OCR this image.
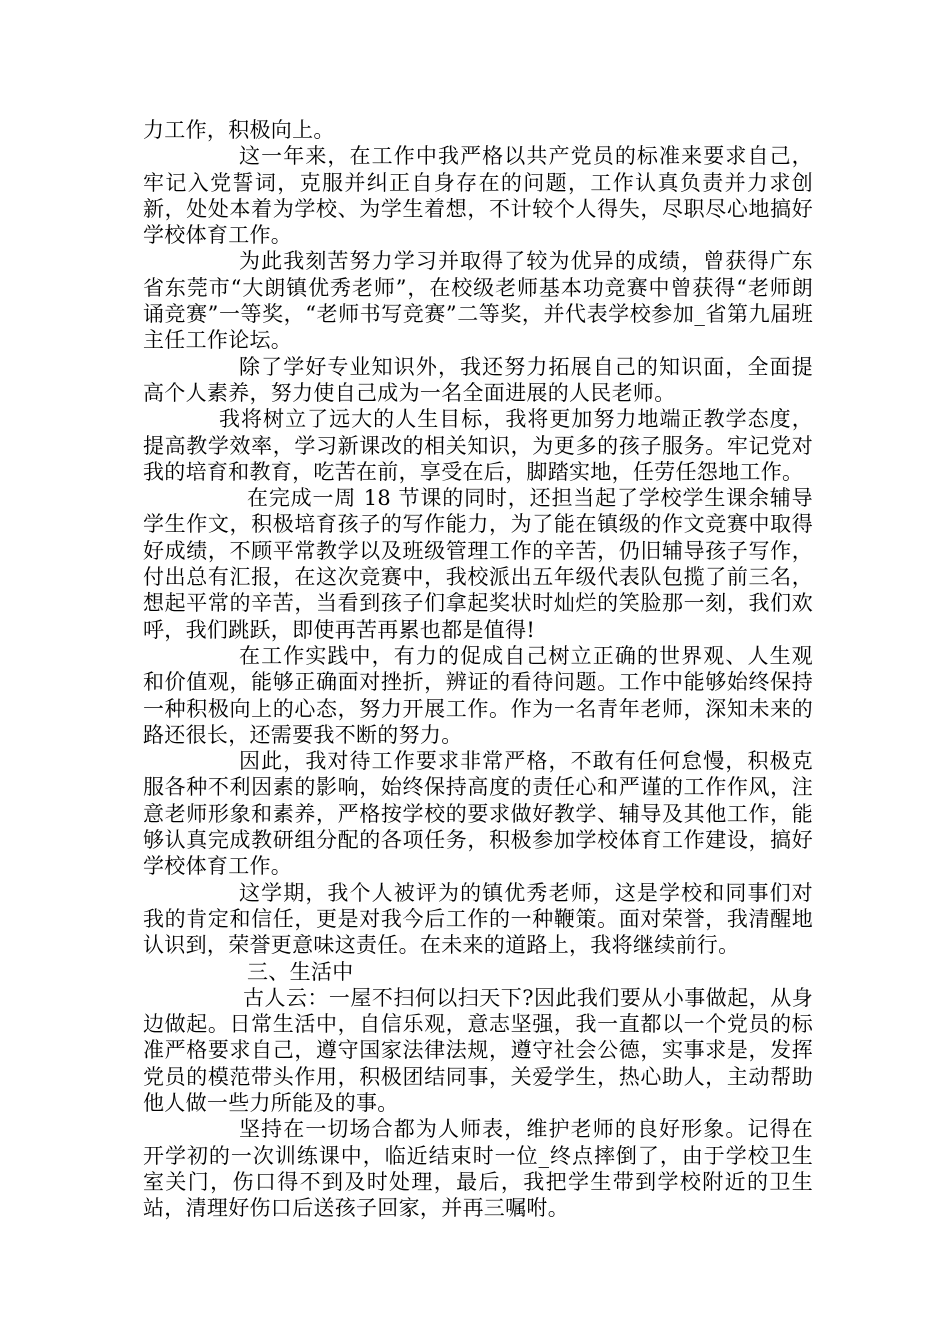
力工作，积极向上。

这一年来，在工作中我严格以共产党员的标准来要求自己，牢记入党誓词，克服并纠正自身存在的问题，工作认真负责并力求创新，处处本着为学校、为学生着想，不计较个人得失，尽职尽心地搞好学校体育工作。

为此我刻苦努力学习并取得了较为优异的成绩，曾获得广东省东莞市“大朗镇优秀老师”，在校级老师基本功竞赛中曾获得“老师朗诵竞赛”一等奖，“老师书写竞赛”二等奖，并代表学校参加_省第九届班主任工作论坛。

除了学好专业知识外，我还努力拓展自己的知识面，全面提高个人素养，努力使自己成为一名全面进展的人民老师。

我将树立了远大的人生目标，我将更加努力地端正教学态度，提高教学效率，学习新课改的相关知识，为更多的孩子服务。牢记党对我的培育和教育，吃苦在前，享受在后，脚踏实地，任劳任怨地工作。

在完成一周 18 节课的同时，还担当起了学校学生课余辅导学生作文，积极培育孩子的写作能力，为了能在镇级的作文竞赛中取得好成绩，不顾平常教学以及班级管理工作的辛苦，仍旧辅导孩子写作，付出总有汇报，在这次竞赛中，我校派出五年级代表队包揽了前三名，想起平常的辛苦，当看到孩子们拿起奖状时灿烂的笑脸那一刻，我们欢呼，我们跳跃，即使再苦再累也都是值得!

在工作实践中，有力的促成自己树立正确的世界观、人生观和价值观，能够正确面对挫折，辨证的看待问题。工作中能够始终保持一种积极向上的心态，努力开展工作。作为一名青年老师，深知未来的路还很长，还需要我不断的努力。

因此，我对待工作要求非常严格，不敢有任何怠慢，积极克服各种不利因素的影响，始终保持高度的责任心和严谨的工作作风，注意老师形象和素养，严格按学校的要求做好教学、辅导及其他工作，能够认真完成教研组分配的各项任务，积极参加学校体育工作建设，搞好学校体育工作。

这学期，我个人被评为的镇优秀老师，这是学校和同事们对我的肯定和信任，更是对我今后工作的一种鞭策。面对荣誉，我清醒地认识到，荣誉更意味这责任。在未来的道路上，我将继续前行。

三、生活中

古人云：一屋不扫何以扫天下?因此我们要从小事做起，从身边做起。日常生活中，自信乐观，意志坚强，我一直都以一个党员的标准严格要求自己，遵守国家法律法规，遵守社会公德，实事求是，发挥党员的模范带头作用，积极团结同事，关爱学生，热心助人，主动帮助他人做一些力所能及的事。

坚持在一切场合都为人师表，维护老师的良好形象。记得在开学初的一次训练课中，临近结束时一位_终点摔倒了，由于学校卫生室关门，伤口得不到及时处理，最后，我把学生带到学校附近的卫生站，清理好伤口后送孩子回家，并再三嘱咐。
